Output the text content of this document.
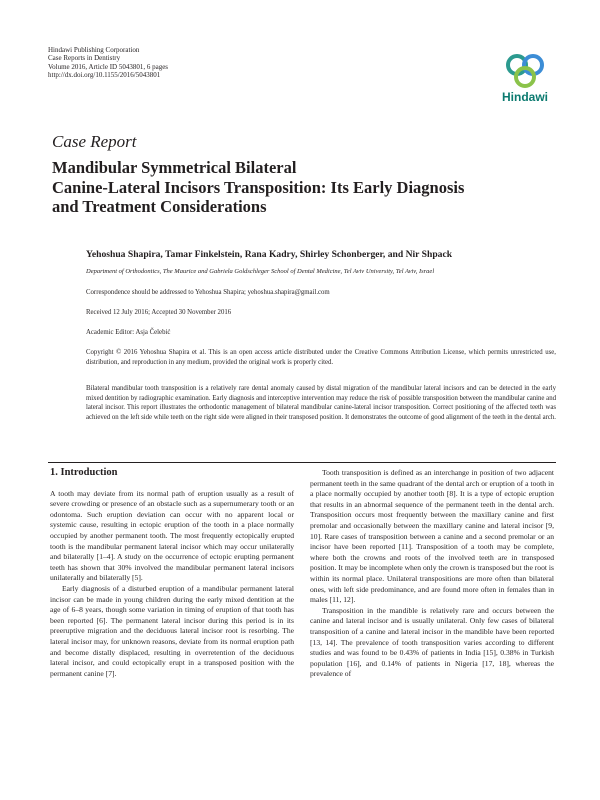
Hindawi Publishing Corporation
Case Reports in Dentistry
Volume 2016, Article ID 5043801, 6 pages
http://dx.doi.org/10.1155/2016/5043801
Hindawi
Case Report
Mandibular Symmetrical Bilateral
Canine-Lateral Incisors Transposition: Its Early Diagnosis
and Treatment Considerations
Yehoshua Shapira, Tamar Finkelstein, Rana Kadry, Shirley Schonberger, and Nir Shpack
Department of Orthodontics, The Maurice and Gabriela Goldschleger School of Dental Medicine, Tel Aviv University, Tel Aviv, Israel
Correspondence should be addressed to Yehoshua Shapira; yehoshua.shapira@gmail.com
Received 12 July 2016; Accepted 30 November 2016
Academic Editor: Asja Čelebić
Copyright © 2016 Yehoshua Shapira et al. This is an open access article distributed under the Creative Commons Attribution License, which permits unrestricted use, distribution, and reproduction in any medium, provided the original work is properly cited.
Bilateral mandibular tooth transposition is a relatively rare dental anomaly caused by distal migration of the mandibular lateral incisors and can be detected in the early mixed dentition by radiographic examination. Early diagnosis and interceptive intervention may reduce the risk of possible transposition between the mandibular canine and lateral incisor. This report illustrates the orthodontic management of bilateral mandibular canine-lateral incisor transposition. Correct positioning of the affected teeth was achieved on the left side while teeth on the right side were aligned in their transposed position. It demonstrates the outcome of good alignment of the teeth in the dental arch.
1. Introduction

A tooth may deviate from its normal path of eruption usually as a result of severe crowding or presence of an obstacle such as a supernumerary tooth or an odontoma. Such eruption deviation can occur with no apparent local or systemic cause, resulting in ectopic eruption of the tooth in a place normally occupied by another permanent tooth. The most frequently ectopically erupted tooth is the mandibular permanent lateral incisor which may occur unilaterally and bilaterally [1–4]. A study on the occurrence of ectopic erupting permanent teeth has shown that 30% involved the mandibular permanent lateral incisors unilaterally and bilaterally [5].

Early diagnosis of a disturbed eruption of a mandibular permanent lateral incisor can be made in young children during the early mixed dentition at the age of 6–8 years, though some variation in timing of eruption of that tooth has been reported [6]. The permanent lateral incisor during this period is in its preeruptive migration and the deciduous lateral incisor root is resorbing. The lateral incisor may, for unknown reasons, deviate from its normal eruption path and become distally displaced, resulting in overretention of the deciduous lateral incisor, and could ectopically erupt in a transposed position with the permanent canine [7].

Tooth transposition is defined as an interchange in position of two adjacent permanent teeth in the same quadrant of the dental arch or eruption of a tooth in a place normally occupied by another tooth [8]. It is a type of ectopic eruption that results in an abnormal sequence of the permanent teeth in the dental arch. Transposition occurs most frequently between the maxillary canine and first premolar and occasionally between the maxillary canine and lateral incisor [9, 10]. Rare cases of transposition between a canine and a second premolar or an incisor have been reported [11]. Transposition of a tooth may be complete, where both the crowns and roots of the involved teeth are in transposed position. It may be incomplete when only the crown is transposed but the root is within its normal place. Unilateral transpositions are more often than bilateral ones, with left side predominance, and are found more often in females than in males [11, 12].

Transposition in the mandible is relatively rare and occurs between the canine and lateral incisor and is usually unilateral. Only few cases of bilateral transposition of a canine and lateral incisor in the mandible have been reported [13, 14]. The prevalence of tooth transposition varies according to different studies and was found to be 0.43% of patients in India [15], 0.38% in Turkish population [16], and 0.14% of patients in Nigeria [17, 18], whereas the prevalence of
